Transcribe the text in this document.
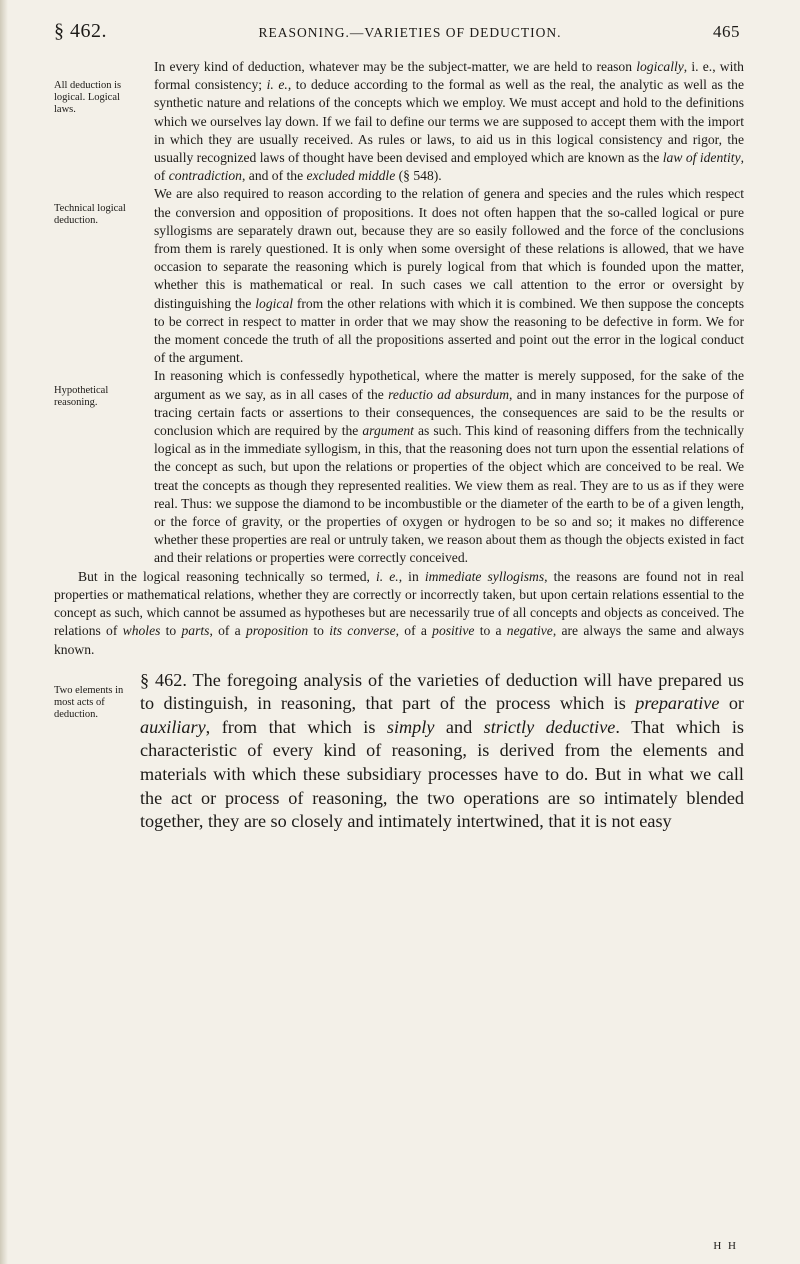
§ 462.	REASONING.—VARIETIES OF DEDUCTION.	465
All deduction is logical. Logical laws.

In every kind of deduction, whatever may be the subject-matter, we are held to reason logically, i. e., with formal consistency; i. e., to deduce according to the formal as well as the real, the analytic as well as the synthetic nature and relations of the concepts which we employ. We must accept and hold to the definitions which we ourselves lay down. If we fail to define our terms we are supposed to accept them with the import in which they are usually received. As rules or laws, to aid us in this logical consistency and rigor, the usually recognized laws of thought have been devised and employed which are known as the law of identity, of contradiction, and of the excluded middle (§ 548).

Technical logical deduction.

We are also required to reason according to the relation of genera and species and the rules which respect the conversion and opposition of propositions. It does not often happen that the so-called logical or pure syllogisms are separately drawn out, because they are so easily followed and the force of the conclusions from them is rarely questioned. It is only when some oversight of these relations is allowed, that we have occasion to separate the reasoning which is purely logical from that which is founded upon the matter, whether this is mathematical or real. In such cases we call attention to the error or oversight by distinguishing the logical from the other relations with which it is combined. We then suppose the concepts to be correct in respect to matter in order that we may show the reasoning to be defective in form. We for the moment concede the truth of all the propositions asserted and point out the error in the logical conduct of the argument.

Hypothetical reasoning.

In reasoning which is confessedly hypothetical, where the matter is merely supposed, for the sake of the argument as we say, as in all cases of the reductio ad absurdum, and in many instances for the purpose of tracing certain facts or assertions to their consequences, the consequences are said to be the results or conclusion which are required by the argument as such. This kind of reasoning differs from the technically logical as in the immediate syllogism, in this, that the reasoning does not turn upon the essential relations of the concept as such, but upon the relations or properties of the object which are conceived to be real. We treat the concepts as though they represented realities. We view them as real. They are to us as if they were real. Thus: we suppose the diamond to be incombustible or the diameter of the earth to be of a given length, or the force of gravity, or the properties of oxygen or hydrogen to be so and so; it makes no difference whether these properties are real or untruly taken, we reason about them as though the objects existed in fact and their relations or properties were correctly conceived.

But in the logical reasoning technically so termed, i. e., in immediate syllogisms, the reasons are found not in real properties or mathematical relations, whether they are correctly or incorrectly taken, but upon certain relations essential to the concept as such, which cannot be assumed as hypotheses but are necessarily true of all concepts and objects as conceived. The relations of wholes to parts, of a proposition to its converse, of a positive to a negative, are always the same and always known.

Two elements in most acts of deduction.

§ 462. The foregoing analysis of the varieties of deduction will have prepared us to distinguish, in reasoning, that part of the process which is preparative or auxiliary, from that which is simply and strictly deductive. That which is characteristic of every kind of reasoning, is derived from the elements and materials with which these subsidiary processes have to do. But in what we call the act or process of reasoning, the two operations are so intimately blended together, they are so closely and intimately intertwined, that it is not easy

H H
